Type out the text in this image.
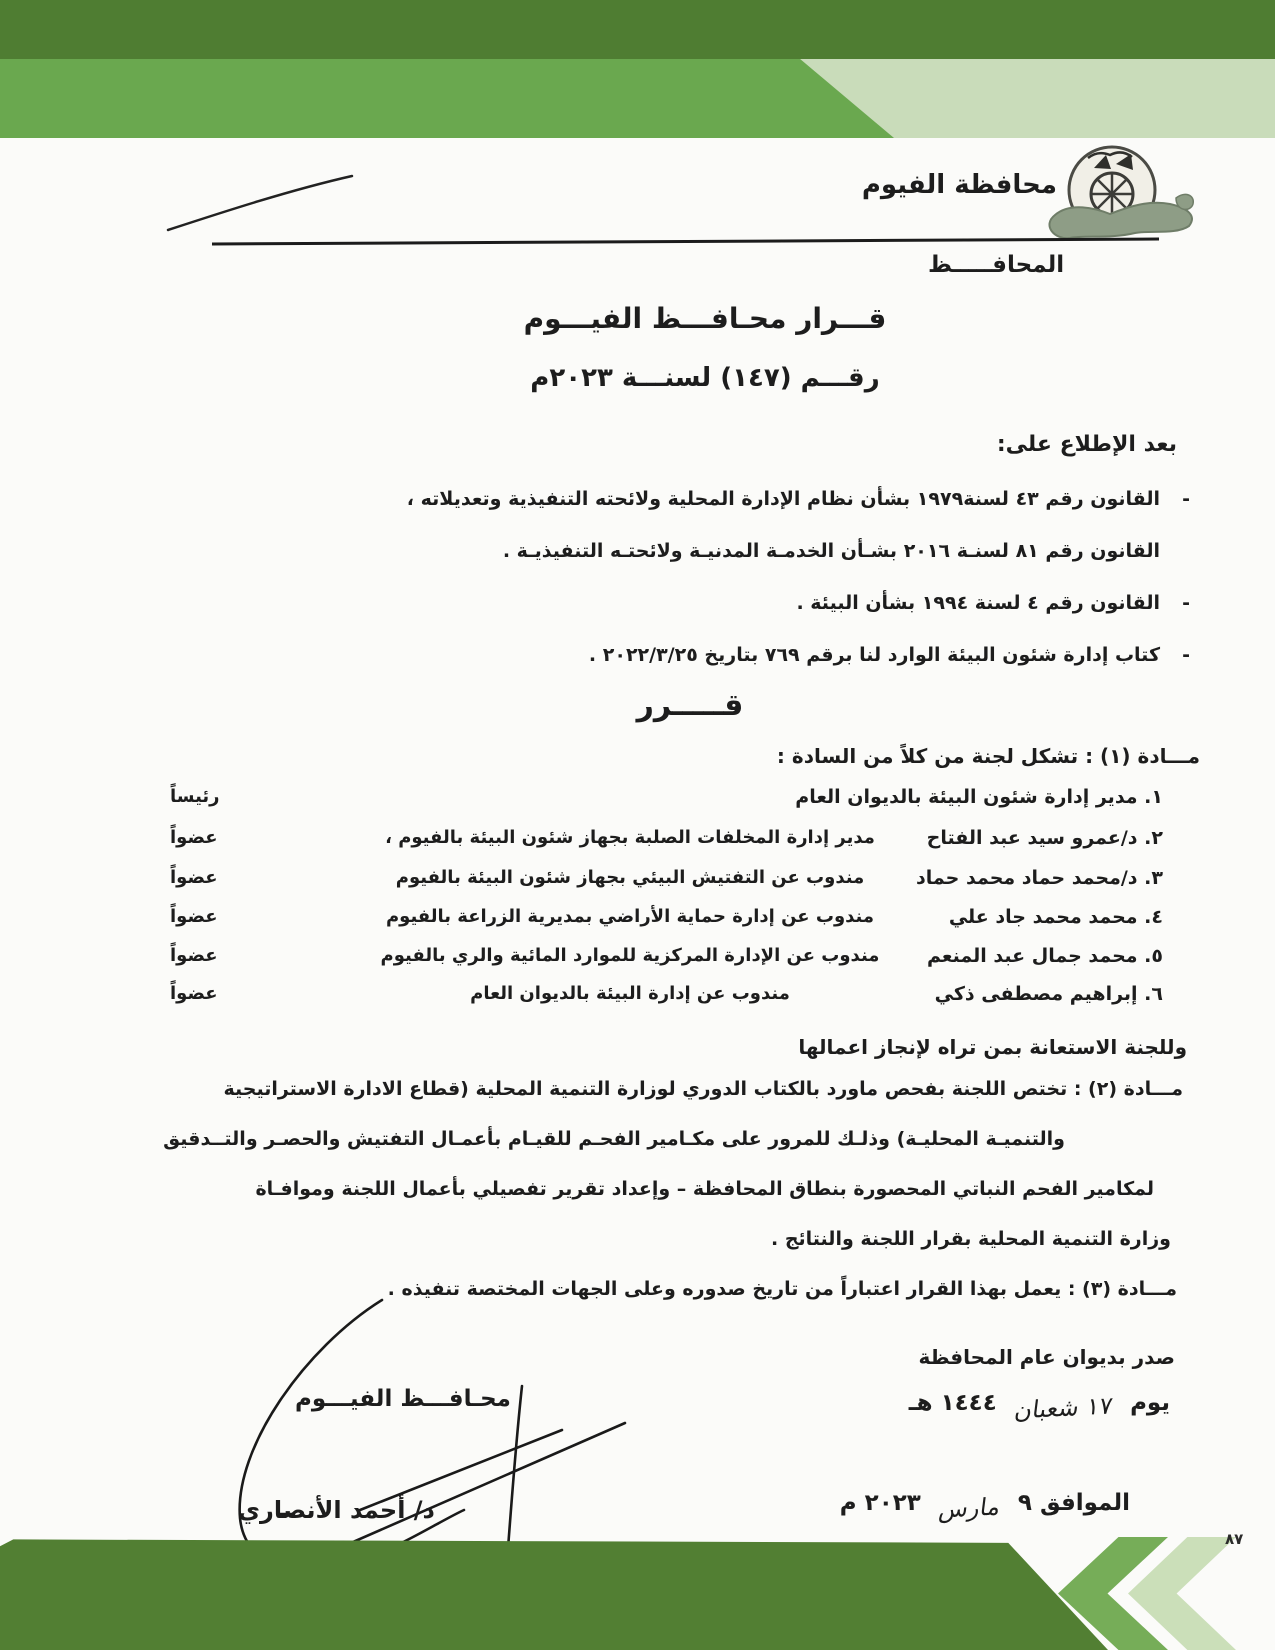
محافظة الفيوم
المحافـــــظ
قـــرار محـافـــظ الفيـــوم
رقـــم (١٤٧) لسنـــة ٢٠٢٣م
بعد الإطلاع على:
-القانون رقم ٤٣ لسنة١٩٧٩ بشأن نظام الإدارة المحلية ولائحته التنفيذية وتعديلاته ،
القانون رقم ٨١ لسنـة ٢٠١٦ بشـأن الخدمـة المدنيـة ولائحتـه التنفيذيـة .
-القانون رقم ٤ لسنة ١٩٩٤ بشأن البيئة .
-كتاب إدارة شئون البيئة الوارد لنا برقم ٧٦٩ بتاريخ ٢٠٢٢/٣/٢٥ .
قـــــرر
مـــادة (١) : تشكل لجنة من كلاً من السادة :
١. مدير إدارة شئون البيئة بالديوان العام
رئيساً
٢. د/عمرو سيد عبد الفتاح
مدير إدارة المخلفات الصلبة بجهاز شئون البيئة بالفيوم ،
عضواً
٣. د/محمد حماد محمد حماد
مندوب عن التفتيش البيئي بجهاز شئون البيئة بالفيوم
عضواً
٤. محمد محمد جاد علي
مندوب عن إدارة حماية الأراضي بمديرية الزراعة بالفيوم
عضواً
٥. محمد جمال عبد المنعم
مندوب عن الإدارة المركزية للموارد المائية والري بالفيوم
عضواً
٦. إبراهيم مصطفى ذكي
مندوب عن إدارة البيئة بالديوان العام
عضواً
وللجنة الاستعانة بمن تراه لإنجاز اعمالها
مـــادة (٢) : تختص اللجنة بفحص ماورد بالكتاب الدوري لوزارة التنمية المحلية (قطاع الادارة الاستراتيجية
والتنميـة المحليـة) وذلـك للمرور على مكـامير الفحـم للقيـام بأعمـال التفتيش والحصـر والتــدقيق
لمكامير الفحم النباتي المحصورة بنطاق المحافظة – وإعداد تقرير تفصيلي بأعمال اللجنة وموافـاة
وزارة التنمية المحلية بقرار اللجنة والنتائج .
مـــادة (٣) : يعمل بهذا القرار اعتباراً من تاريخ صدوره وعلى الجهات المختصة تنفيذه .
صدر بديوان عام المحافظة
يوم ١٧ شعبان ١٤٤٤ هـ
الموافق ٩ مارس ٢٠٢٣ م
محـافـــظ الفيـــوم
د/ أحمد الأنصاري
٨٧
